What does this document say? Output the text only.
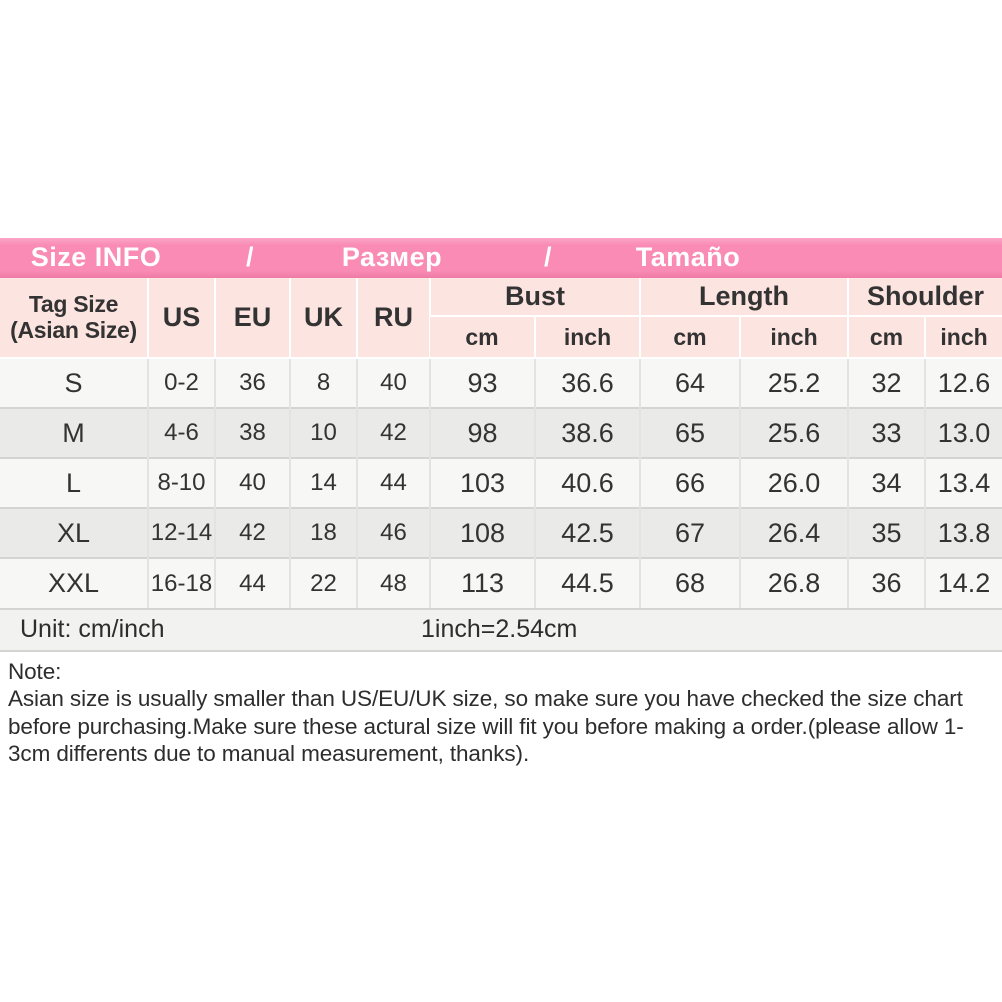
Size INFO	/	Размер	/	Tamaño
Tag Size
(Asian Size)	US	EU	UK	RU	Bust		Length		Shoulder	
					cm	inch	cm	inch	cm	inch
S	0-2	36	8	40	93	36.6	64	25.2	32	12.6
M	4-6	38	10	42	98	38.6	65	25.6	33	13.0
L	8-10	40	14	44	103	40.6	66	26.0	34	13.4
XL	12-14	42	18	46	108	42.5	67	26.4	35	13.8
XXL	16-18	44	22	48	113	44.5	68	26.8	36	14.2
Unit: cm/inch	1inch=2.54cm
Note:
Asian size is usually smaller than US/EU/UK size, so make sure you have checked the size chart before purchasing.Make sure these actural size will fit you before making a order.(please allow 1-3cm differents due to manual measurement, thanks).
